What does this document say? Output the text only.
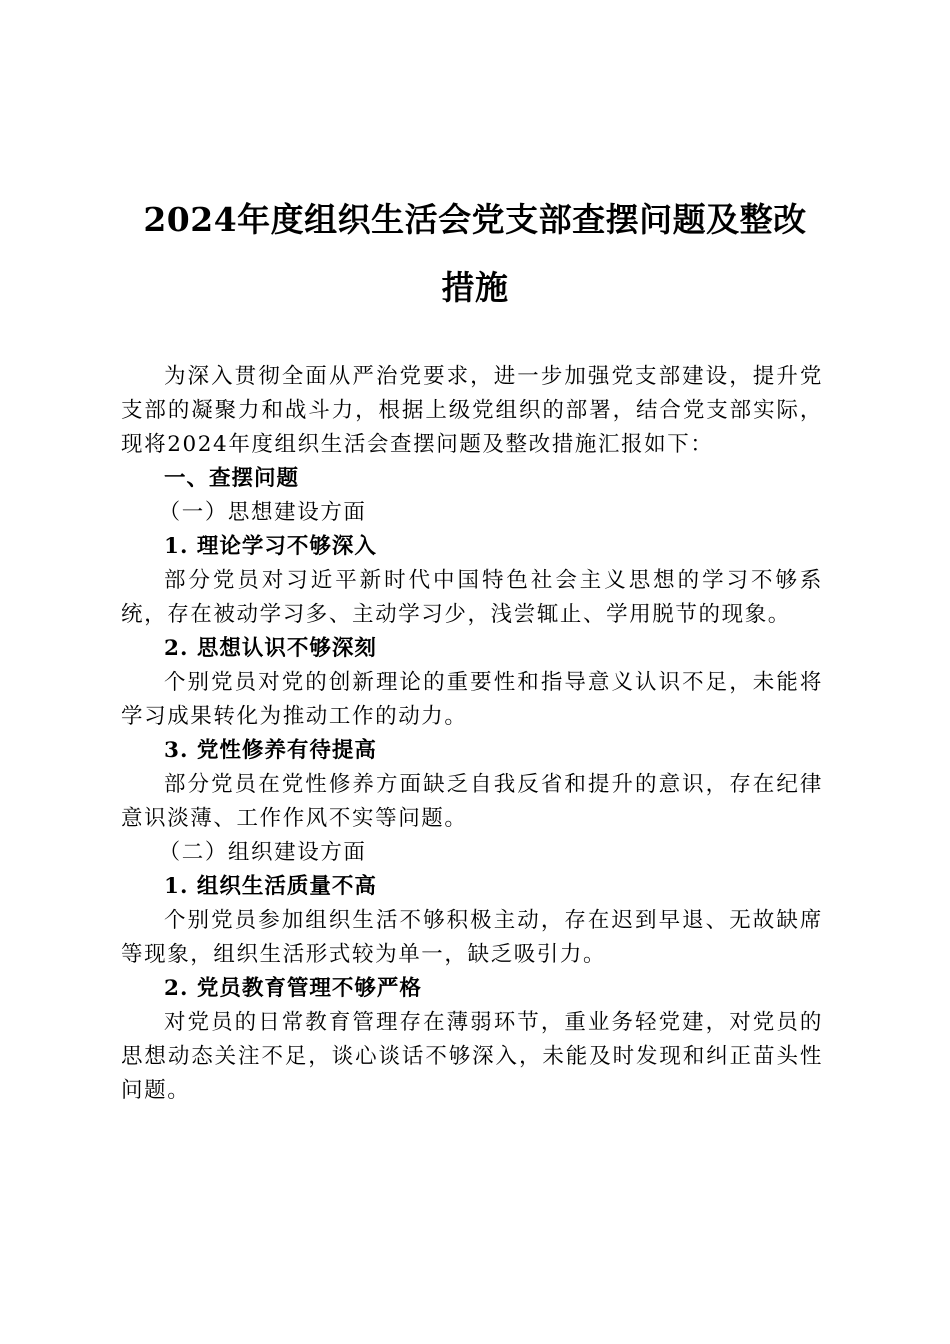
2024年度组织生活会党支部查摆问题及整改
措施

为深入贯彻全面从严治党要求，进一步加强党支部建设，提升党支部的凝聚力和战斗力，根据上级党组织的部署，结合党支部实际，现将2024年度组织生活会查摆问题及整改措施汇报如下：

一、查摆问题

（一）思想建设方面

1. 理论学习不够深入

部分党员对习近平新时代中国特色社会主义思想的学习不够系统，存在被动学习多、主动学习少，浅尝辄止、学用脱节的现象。

2. 思想认识不够深刻

个别党员对党的创新理论的重要性和指导意义认识不足，未能将学习成果转化为推动工作的动力。

3. 党性修养有待提高

部分党员在党性修养方面缺乏自我反省和提升的意识，存在纪律意识淡薄、工作作风不实等问题。

（二）组织建设方面

1. 组织生活质量不高

个别党员参加组织生活不够积极主动，存在迟到早退、无故缺席等现象，组织生活形式较为单一，缺乏吸引力。

2. 党员教育管理不够严格

对党员的日常教育管理存在薄弱环节，重业务轻党建，对党员的思想动态关注不足，谈心谈话不够深入，未能及时发现和纠正苗头性问题。
